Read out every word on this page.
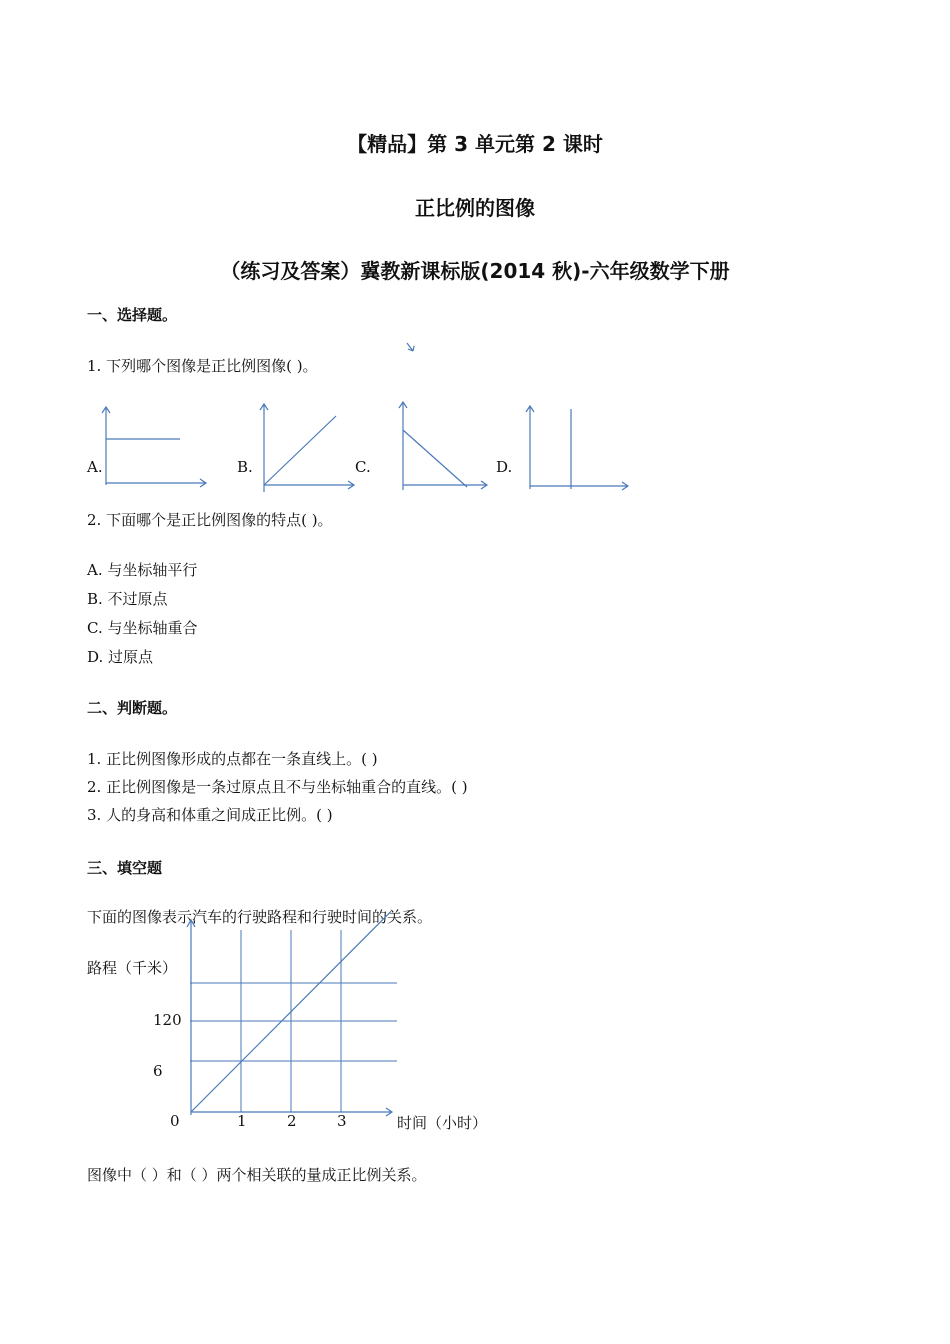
【精品】第 3 单元第 2 课时
正比例的图像
（练习及答案）冀教新课标版(2014 秋)-六年级数学下册
一、选择题。
1. 下列哪个图像是正比例图像( )。
A.	B.	C.	D.
2. 下面哪个是正比例图像的特点( )。
A. 与坐标轴平行
B. 不过原点
C. 与坐标轴重合
D. 过原点
二、判断题。
1. 正比例图像形成的点都在一条直线上。( )
2. 正比例图像是一条过原点且不与坐标轴重合的直线。( )
3. 人的身高和体重之间成正比例。( )
三、填空题
下面的图像表示汽车的行驶路程和行驶时间的关系。
路程（千米）
120
6
0	1	2	3	时间（小时）
图像中（ ）和（ ）两个相关联的量成正比例关系。
